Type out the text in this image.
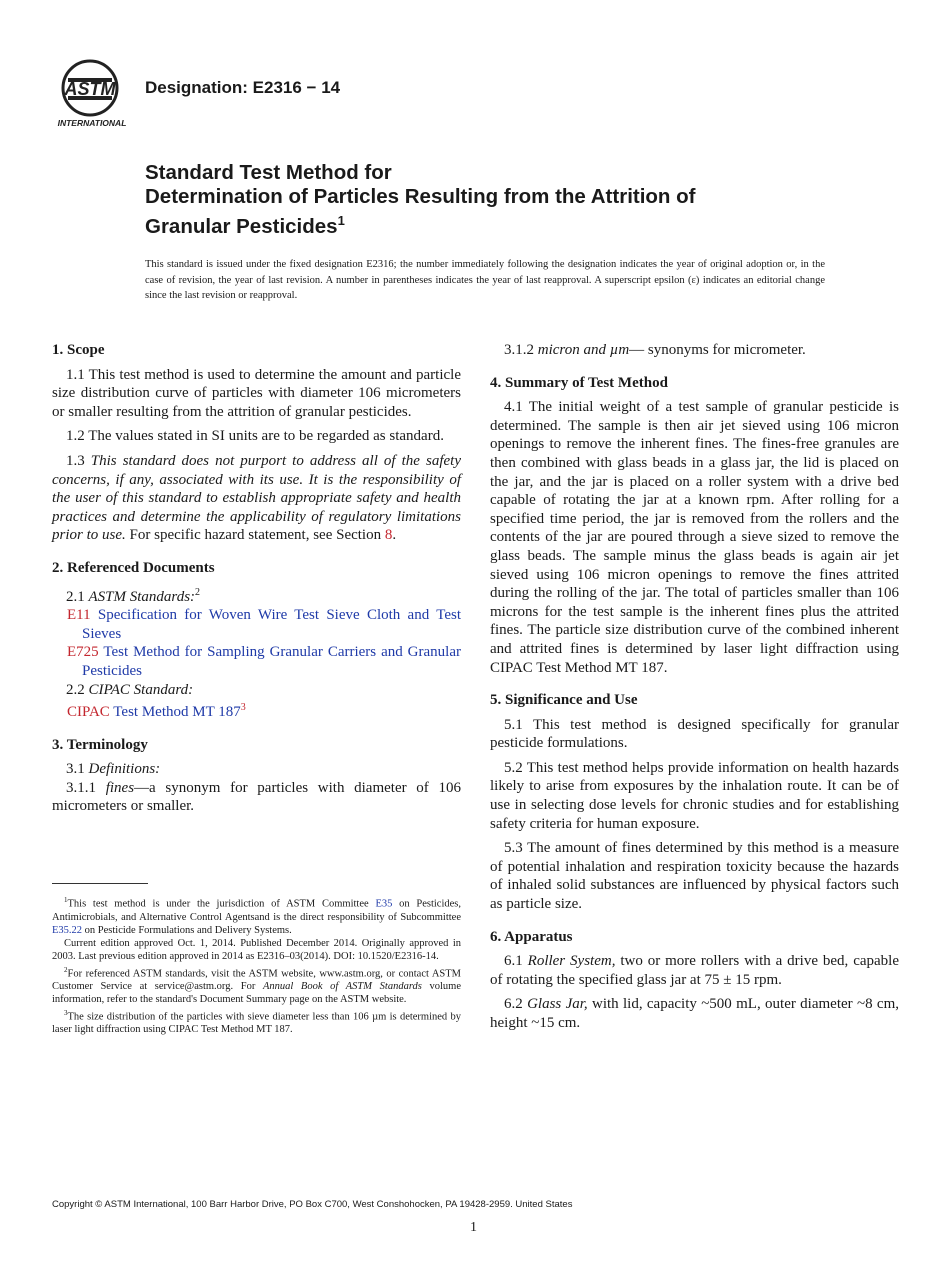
ASTM
INTERNATIONAL
Designation: E2316 − 14
Standard Test Method for
Determination of Particles Resulting from the Attrition of
Granular Pesticides$^1$
This standard is issued under the fixed designation E2316; the number immediately following the designation indicates the year of original adoption or, in the case of revision, the year of last revision. A number in parentheses indicates the year of last reapproval. A superscript epsilon (ε) indicates an editorial change since the last revision or reapproval.
1. Scope

1.1 This test method is used to determine the amount and particle size distribution curve of particles with diameter 106 micrometers or smaller resulting from the attrition of granular pesticides.

1.2 The values stated in SI units are to be regarded as standard.

1.3 This standard does not purport to address all of the safety concerns, if any, associated with its use. It is the responsibility of the user of this standard to establish appropriate safety and health practices and determine the applicability of regulatory limitations prior to use. For specific hazard statement, see Section 8.

2. Referenced Documents

2.1 ASTM Standards:$^2$

E11 Specification for Woven Wire Test Sieve Cloth and Test Sieves
E725 Test Method for Sampling Granular Carriers and Granular Pesticides

2.2 CIPAC Standard:

CIPAC Test Method MT $187^3$
3. Terminology

3.1 Definitions:

3.1.1 fines—a synonym for particles with diameter of 106 micrometers or smaller.

$^1$This test method is under the jurisdiction of ASTM Committee E35 on Pesticides, Antimicrobials, and Alternative Control Agentsand is the direct responsibility of Subcommittee E35.22 on Pesticide Formulations and Delivery Systems.

Current edition approved Oct. 1, 2014. Published December 2014. Originally approved in 2003. Last previous edition approved in 2014 as E2316–03(2014). DOI: 10.1520/E2316-14.

$^2$For referenced ASTM standards, visit the ASTM website, www.astm.org, or contact ASTM Customer Service at service@astm.org. For Annual Book of ASTM Standards volume information, refer to the standard's Document Summary page on the ASTM website.

$^3$The size distribution of the particles with sieve diameter less than 106 µm is determined by laser light diffraction using CIPAC Test Method MT 187.

3.1.2 micron and µm— synonyms for micrometer.

4. Summary of Test Method

4.1 The initial weight of a test sample of granular pesticide is determined. The sample is then air jet sieved using 106 micron openings to remove the inherent fines. The fines-free granules are then combined with glass beads in a glass jar, the lid is placed on the jar, and the jar is placed on a roller system with a drive bed capable of rotating the jar at a known rpm. After rolling for a specified time period, the jar is removed from the rollers and the contents of the jar are poured through a sieve sized to remove the glass beads. The sample minus the glass beads is again air jet sieved using 106 micron openings to remove the fines attrited during the rolling of the jar. The total of particles smaller than 106 microns for the test sample is the inherent fines plus the attrited fines. The particle size distribution curve of the combined inherent and attrited fines is determined by laser light diffraction using CIPAC Test Method MT 187.

5. Significance and Use

5.1 This test method is designed specifically for granular pesticide formulations.

5.2 This test method helps provide information on health hazards likely to arise from exposures by the inhalation route. It can be of use in selecting dose levels for chronic studies and for establishing safety criteria for human exposure.

5.3 The amount of fines determined by this method is a measure of potential inhalation and respiration toxicity because the hazards of inhaled solid substances are influenced by physical factors such as particle size.

6. Apparatus

6.1 Roller System, two or more rollers with a drive bed, capable of rotating the specified glass jar at 75 ± 15 rpm.

6.2 Glass Jar, with lid, capacity ~500 mL, outer diameter ~8 cm, height ~15 cm.

Copyright © ASTM International, 100 Barr Harbor Drive, PO Box C700, West Conshohocken, PA 19428-2959. United States
1
